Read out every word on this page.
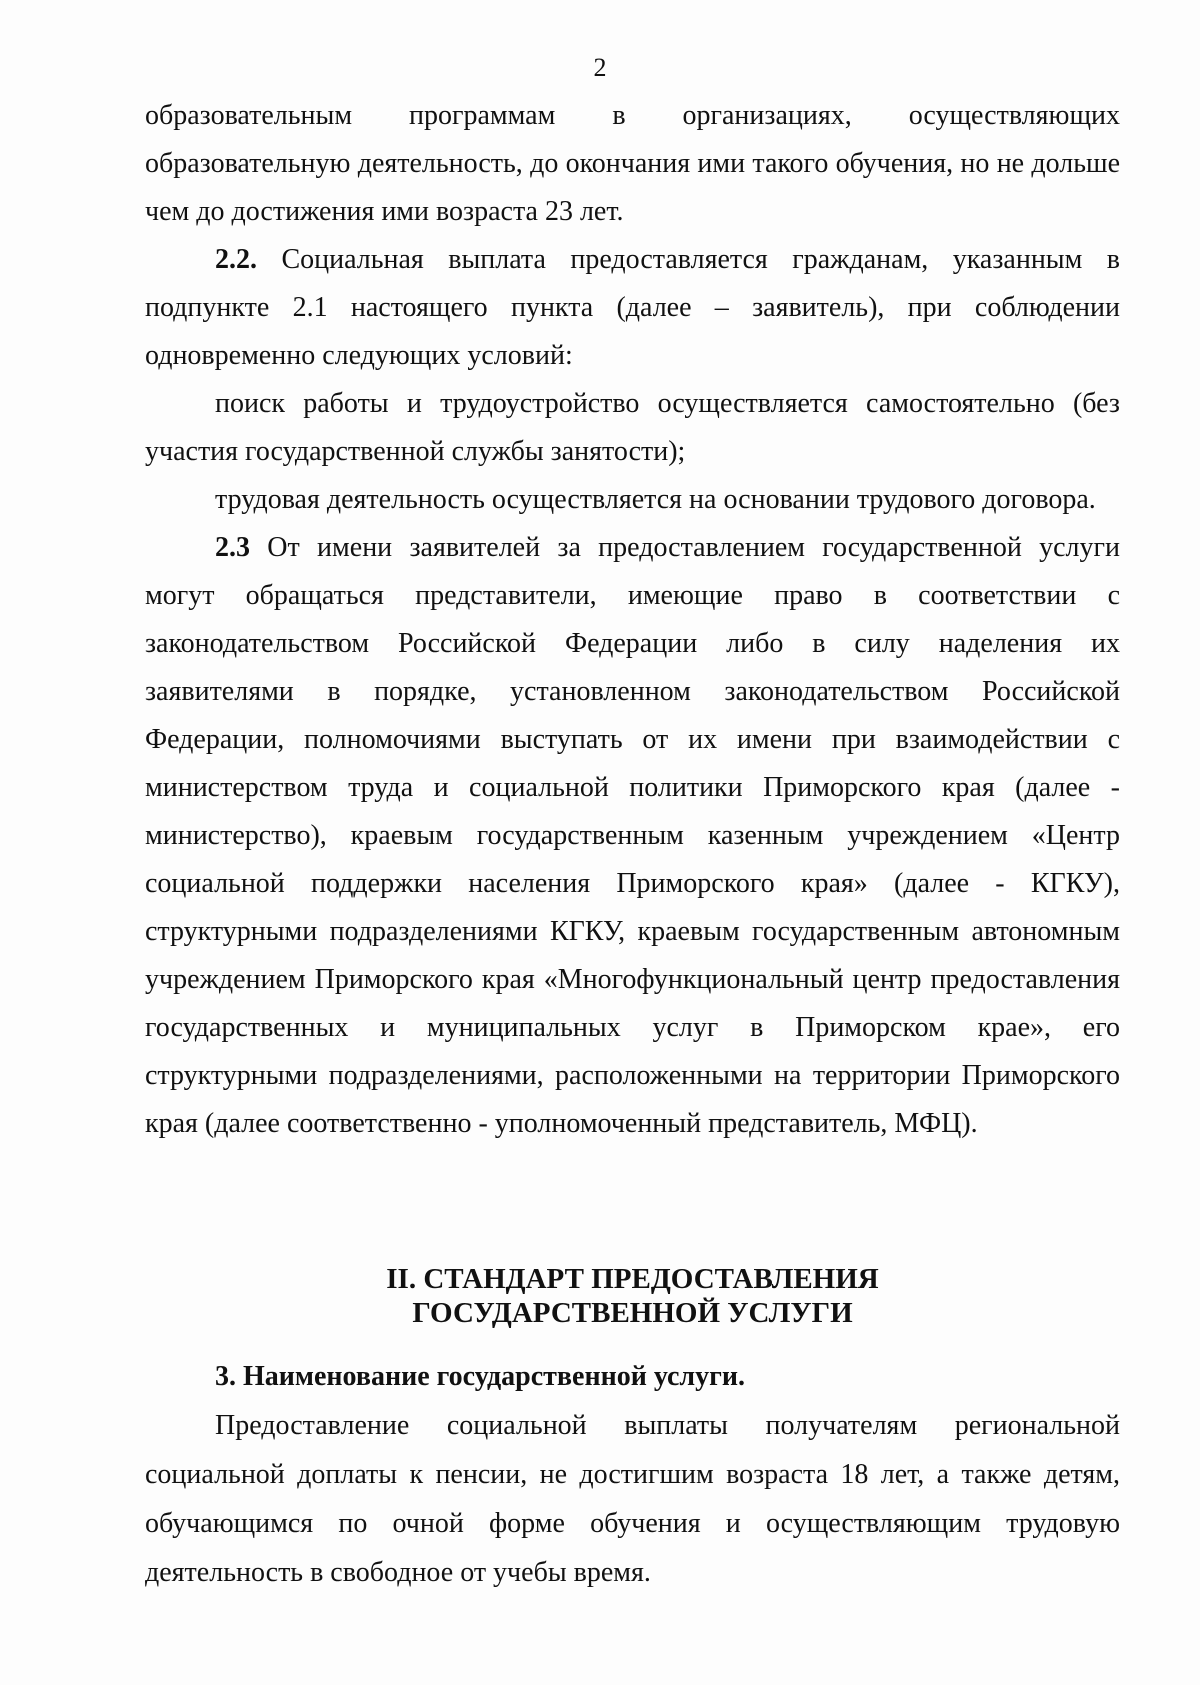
2

образовательным программам в организациях, осуществляющих образовательную деятельность, до окончания ими такого обучения, но не дольше чем до достижения ими возраста 23 лет.

2.2. Социальная выплата предоставляется гражданам, указанным в подпункте 2.1 настоящего пункта (далее – заявитель), при соблюдении одновременно следующих условий:

поиск работы и трудоустройство осуществляется самостоятельно (без участия государственной службы занятости);

трудовая деятельность осуществляется на основании трудового договора.

2.3 От имени заявителей за предоставлением государственной услуги могут обращаться представители, имеющие право в соответствии с законодательством Российской Федерации либо в силу наделения их заявителями в порядке, установленном законодательством Российской Федерации, полномочиями выступать от их имени при взаимодействии с министерством труда и социальной политики Приморского края (далее - министерство), краевым государственным казенным учреждением «Центр социальной поддержки населения Приморского края» (далее - КГКУ), структурными подразделениями КГКУ, краевым государственным автономным учреждением Приморского края «Многофункциональный центр предоставления государственных и муниципальных услуг в Приморском крае», его структурными подразделениями, расположенными на территории Приморского края (далее соответственно - уполномоченный представитель, МФЦ).

II. СТАНДАРТ ПРЕДОСТАВЛЕНИЯ
ГОСУДАРСТВЕННОЙ УСЛУГИ

3. Наименование государственной услуги.

Предоставление социальной выплаты получателям региональной социальной доплаты к пенсии, не достигшим возраста 18 лет, а также детям, обучающимся по очной форме обучения и осуществляющим трудовую деятельность в свободное от учебы время.
